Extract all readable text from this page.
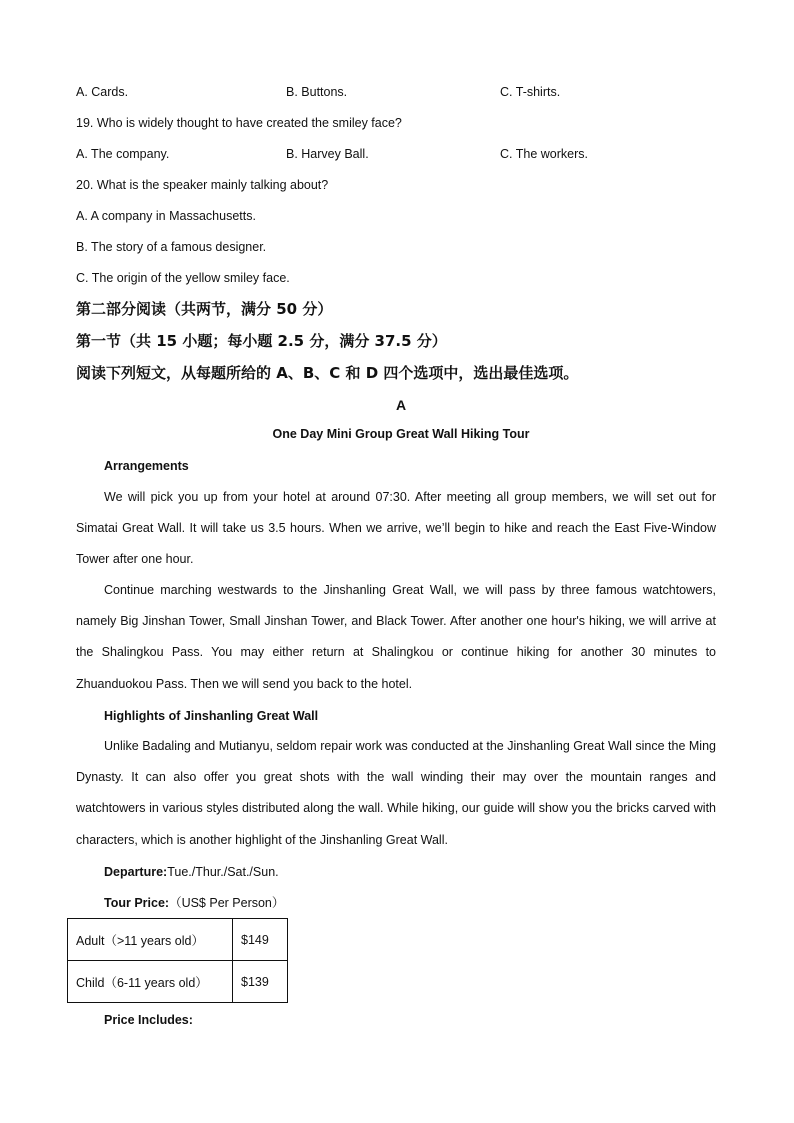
A. Cards.	B. Buttons.	C. T-shirts.
19. Who is widely thought to have created the smiley face?
A. The company.	B. Harvey Ball.	C. The workers.
20. What is the speaker mainly talking about?
A. A company in Massachusetts.
B. The story of a famous designer.
C. The origin of the yellow smiley face.
第二部分阅读（共两节，满分 50 分）
第一节（共 15 小题；每小题 2.5 分，满分 37.5 分）
阅读下列短文，从每题所给的 A、B、C 和 D 四个选项中，选出最佳选项。
A
One Day Mini Group Great Wall Hiking Tour
Arrangements
We will pick you up from your hotel at around 07:30. After meeting all group members, we will set out for Simatai Great Wall. It will take us 3.5 hours. When we arrive, we’ll begin to hike and reach the East Five-Window Tower after one hour.
Continue marching westwards to the Jinshanling Great Wall, we will pass by three famous watchtowers, namely Big Jinshan Tower, Small Jinshan Tower, and Black Tower. After another one hour's hiking, we will arrive at the Shalingkou Pass. You may either return at Shalingkou or continue hiking for another 30 minutes to Zhuanduokou Pass. Then we will send you back to the hotel.
Highlights of Jinshanling Great Wall
Unlike Badaling and Mutianyu, seldom repair work was conducted at the Jinshanling Great Wall since the Ming Dynasty. It can also offer you great shots with the wall winding their may over the mountain ranges and watchtowers in various styles distributed along the wall. While hiking, our guide will show you the bricks carved with characters, which is another highlight of the Jinshanling Great Wall.
Departure:Tue./Thur./Sat./Sun.
Tour Price:（US$ Per Person）
Adult（>11 years old）	$149
Child（6-11 years old）	$139
Price Includes:
